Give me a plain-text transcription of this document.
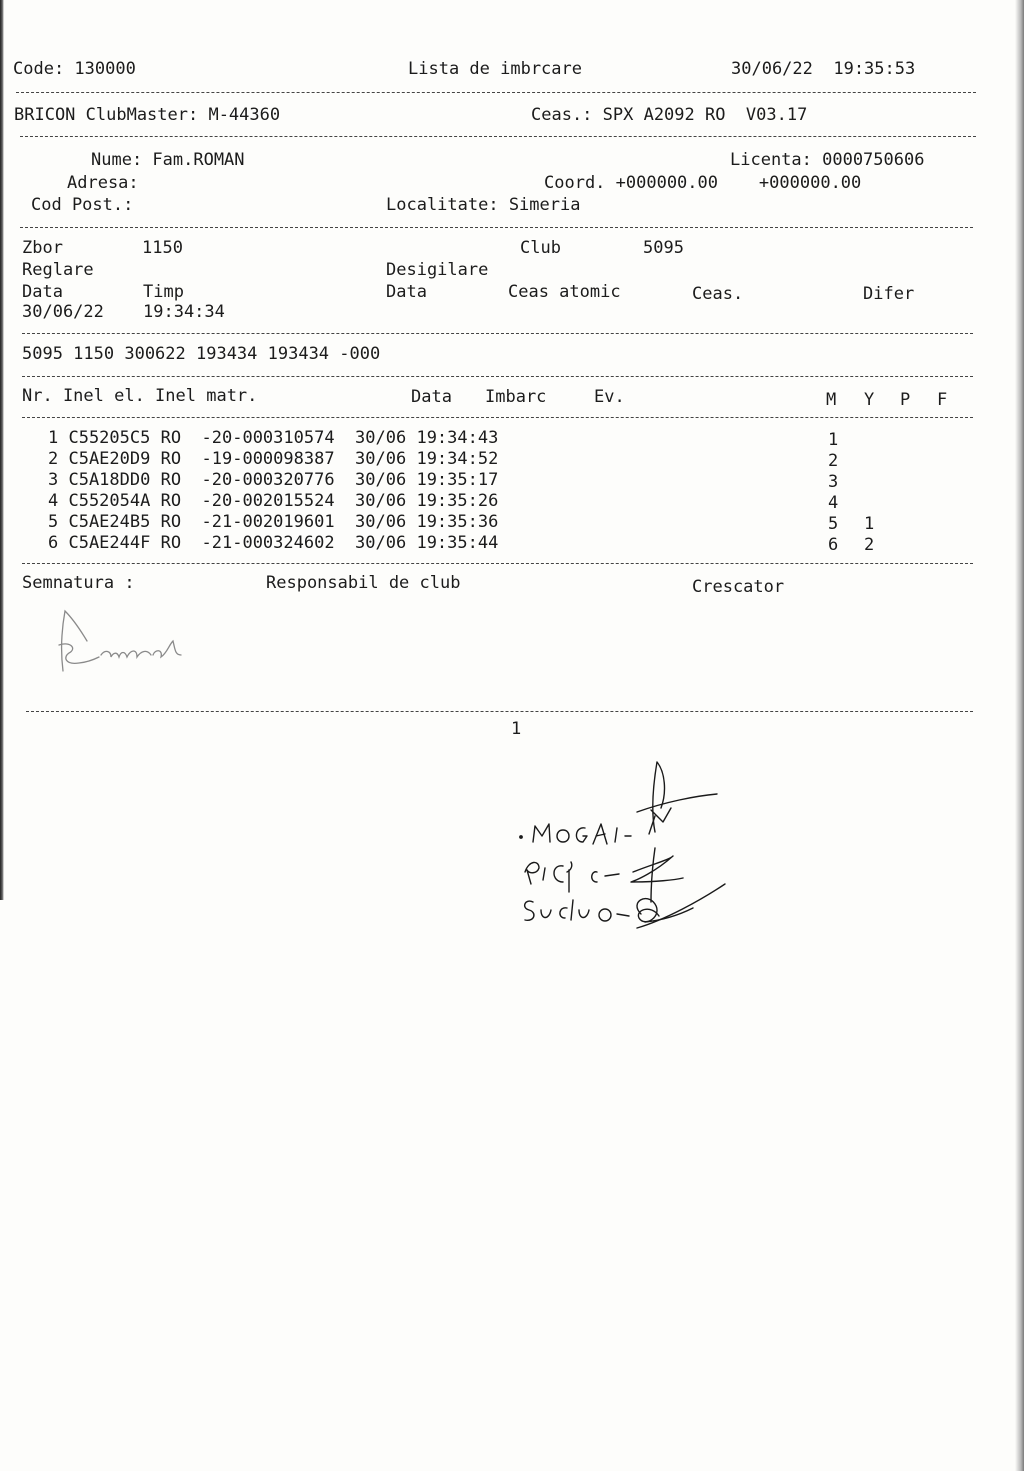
Code: 130000	Lista de imbrcare	30/06/22  19:35:53
BRICON ClubMaster: M-44360	Ceas.: SPX A2092 RO  V03.17
Nume: Fam.ROMAN	Licenta: 0000750606
Adresa:	Coord. +000000.00    +000000.00
Cod Post.:	Localitate: Simeria
Zbor	1150	Club	5095
Reglare	Desigilare
Data	Timp	Data	Ceas atomic	Ceas.	Difer
30/06/22 19:34:34
5095 1150 300622 193434 193434 -000
Nr. Inel el. Inel matr.	Data Imbarc	Ev.	M Y P F
1 C55205C5 RO  -20-000310574  30/06 19:34:43	1
2 C5AE20D9 RO  -19-000098387  30/06 19:34:52	2
3 C5A18DD0 RO  -20-000320776  30/06 19:35:17	3
4 C552054A RO  -20-002015524  30/06 19:35:26	4
5 C5AE24B5 RO  -21-002019601  30/06 19:35:36	5 1
6 C5AE244F RO  -21-000324602  30/06 19:35:44	6 2
Semnatura :	Responsabil de club	Crescator
1
